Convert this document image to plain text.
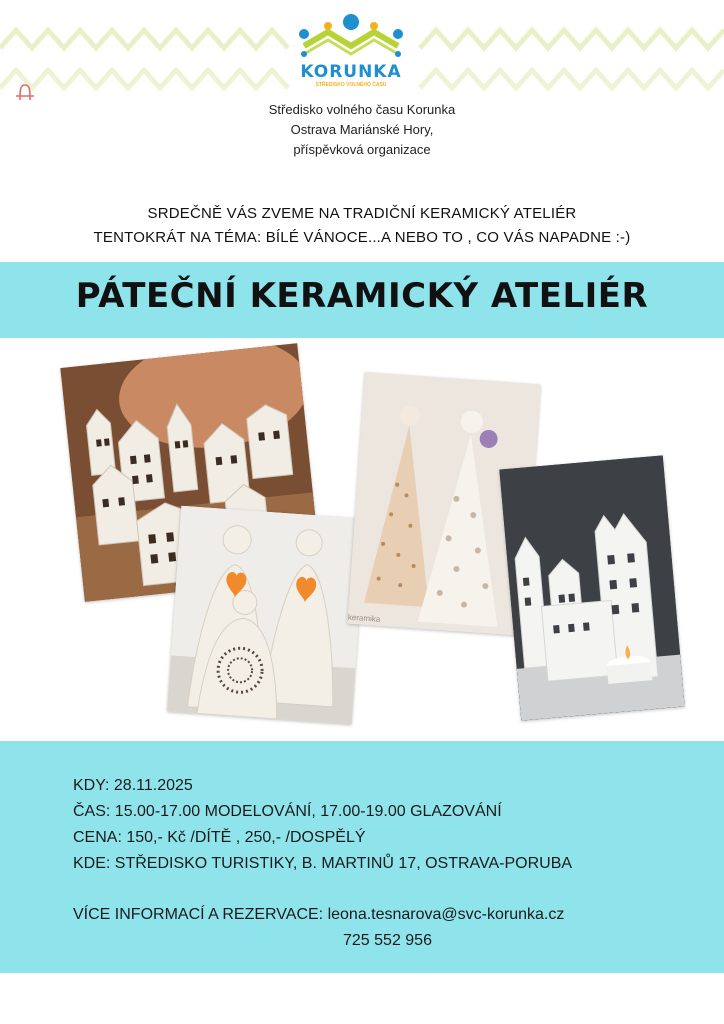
KORUNKA
STŘEDISKO VOLNÉHO ČASU
Středisko volného času Korunka
Ostrava Mariánské Hory,
příspěvková organizace
SRDEČNĚ VÁS ZVEME NA TRADIČNÍ KERAMICKÝ ATELIÉR
TENTOKRÁT NA TÉMA: BÍLÉ VÁNOCE...A NEBO TO , CO VÁS NAPADNE :-)
PÁTEČNÍ KERAMICKÝ ATELIÉR
keramika
KDY: 28.11.2025
ČAS: 15.00-17.00 MODELOVÁNÍ, 17.00-19.00 GLAZOVÁNÍ
CENA: 150,- Kč /DÍTĚ , 250,- /DOSPĚLÝ
KDE: STŘEDISKO TURISTIKY, B. MARTINŮ 17, OSTRAVA-PORUBA
VÍCE INFORMACÍ A REZERVACE: leona.tesnarova@svc-korunka.cz
725 552 956
